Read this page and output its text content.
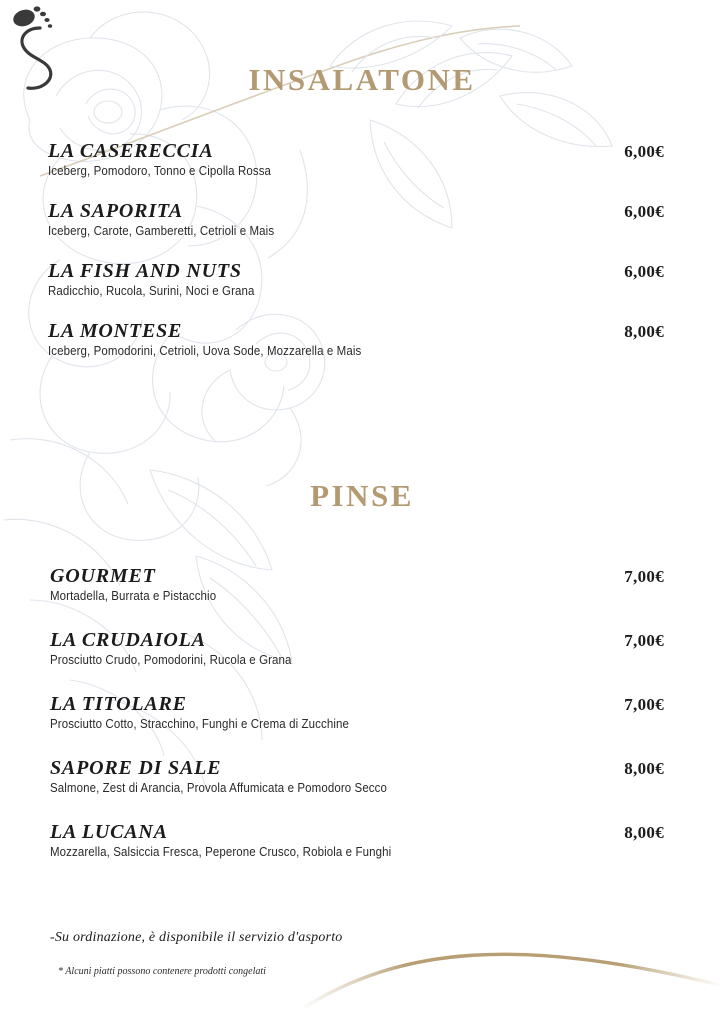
INSALATONE
LA CASERECCIA	6,00€
Iceberg, Pomodoro, Tonno e Cipolla Rossa
LA SAPORITA	6,00€
Iceberg, Carote, Gamberetti, Cetrioli e Mais
LA FISH AND NUTS	6,00€
Radicchio, Rucola, Surini, Noci e Grana
LA MONTESE	8,00€
Iceberg, Pomodorini, Cetrioli, Uova Sode, Mozzarella e Mais
PINSE
GOURMET	7,00€
Mortadella, Burrata e Pistacchio
LA CRUDAIOLA	7,00€
Prosciutto Crudo, Pomodorini, Rucola e Grana
LA TITOLARE	7,00€
Prosciutto Cotto, Stracchino, Funghi e Crema di Zucchine
SAPORE DI SALE	8,00€
Salmone, Zest di Arancia, Provola Affumicata e Pomodoro Secco
LA LUCANA	8,00€
Mozzarella, Salsiccia Fresca, Peperone Crusco, Robiola e Funghi
-Su ordinazione, è disponibile il servizio d'asporto
* Alcuni piatti possono contenere prodotti congelati
